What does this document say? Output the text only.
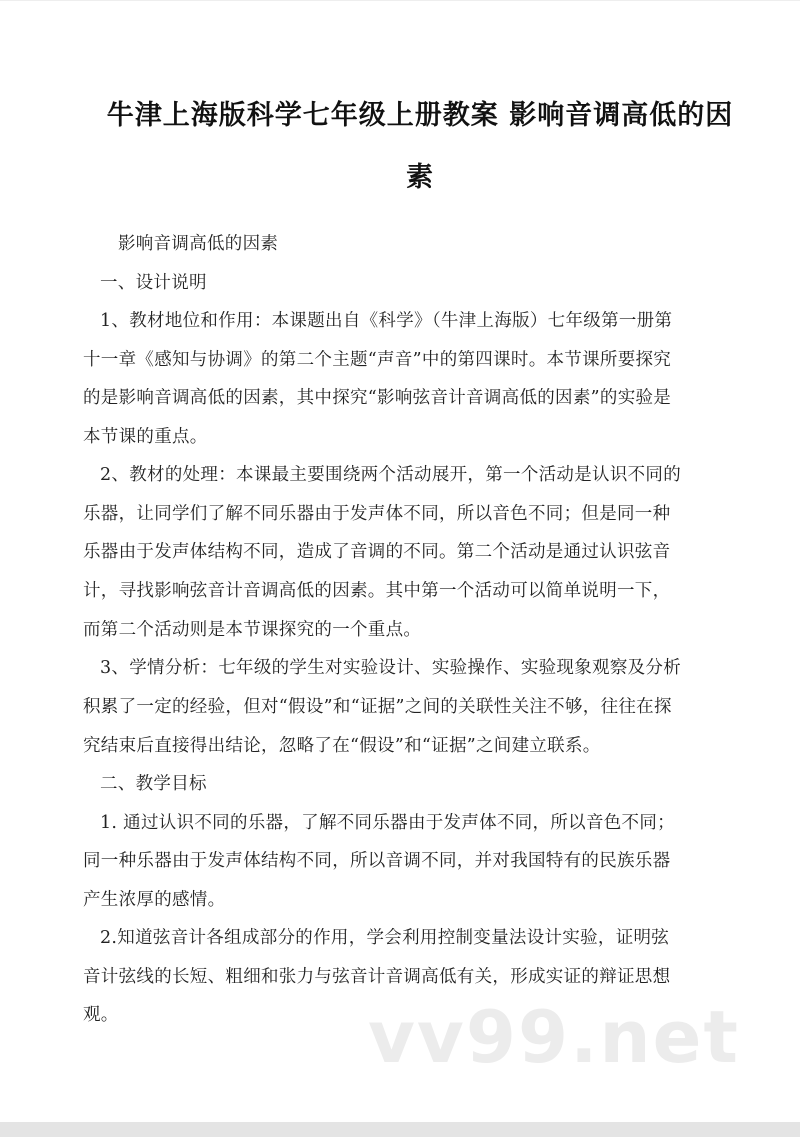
牛津上海版科学七年级上册教案 影响音调高低的因
素
影响音调高低的因素
一、设计说明
1、教材地位和作用：本课题出自《科学》（牛津上海版）七年级第一册第
十一章《感知与协调》的第二个主题“声音”中的第四课时。本节课所要探究
的是影响音调高低的因素，其中探究“影响弦音计音调高低的因素”的实验是
本节课的重点。
2、教材的处理：本课最主要围绕两个活动展开，第一个活动是认识不同的
乐器，让同学们了解不同乐器由于发声体不同，所以音色不同；但是同一种
乐器由于发声体结构不同，造成了音调的不同。第二个活动是通过认识弦音
计，寻找影响弦音计音调高低的因素。其中第一个活动可以简单说明一下，
而第二个活动则是本节课探究的一个重点。
3、学情分析：七年级的学生对实验设计、实验操作、实验现象观察及分析
积累了一定的经验，但对“假设”和“证据”之间的关联性关注不够，往往在探
究结束后直接得出结论，忽略了在“假设”和“证据”之间建立联系。
二、教学目标
1. 通过认识不同的乐器，了解不同乐器由于发声体不同，所以音色不同；
同一种乐器由于发声体结构不同，所以音调不同，并对我国特有的民族乐器
产生浓厚的感情。
2.知道弦音计各组成部分的作用，学会利用控制变量法设计实验，证明弦
音计弦线的长短、粗细和张力与弦音计音调高低有关，形成实证的辩证思想
观。	vv99.net
